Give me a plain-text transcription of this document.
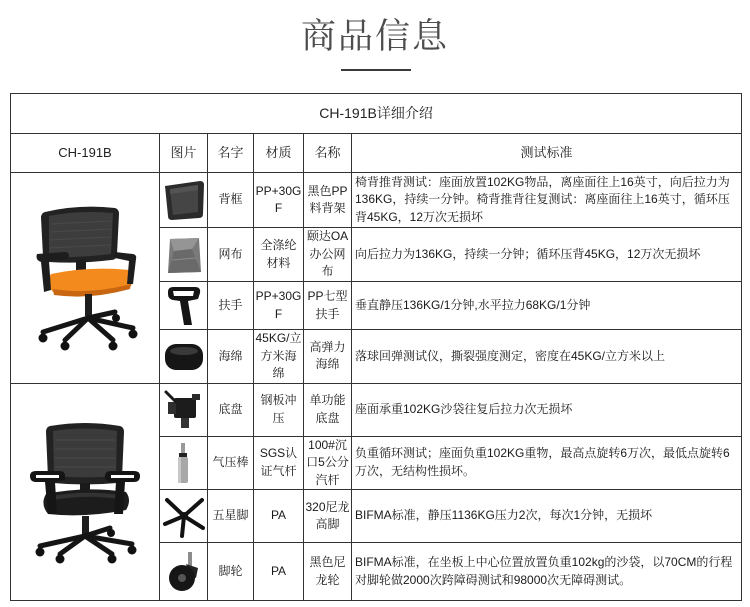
商品信息
CH-191B详细介绍					
CH-191B	图片	名字	材质	名称	测试标准

	背框	PP+30GF	黑色PP料背架	椅背推背测试：座面放置102KG物品，离座面往上16英寸，向后拉力为136KG，持续一分钟。椅背推背往复测试：离座面往上16英寸，循环压背45KG，12万次无损坏

	网布	全涤纶材料	颐达OA办公网布	向后拉力为136KG，持续一分钟；循环压背45KG，12万次无损坏

	扶手	PP+30GF	PP七型扶手	垂直静压136KG/1分钟,水平拉力68KG/1分钟

	海绵	45KG/立方米海绵	高弹力海绵	落球回弹测试仪，撕裂强度测定，密度在45KG/立方米以上

	底盘	钢板冲压	单功能底盘	座面承重102KG沙袋往复后拉力次无损坏

	气压棒	SGS认证气杆	100#沉口5公分汽杆	负重循环测试；座面负重102KG重物，最高点旋转6万次，最低点旋转6万次，无结构性损坏。

	五星脚	PA	320尼龙高脚	BIFMA标准，静压1136KG压力2次，每次1分钟，无损坏

	脚轮	PA	黑色尼龙轮	BIFMA标准，在坐板上中心位置放置负重102kg的沙袋，以70CM的行程对脚轮做2000次跨障碍测试和98000次无障碍测试。
